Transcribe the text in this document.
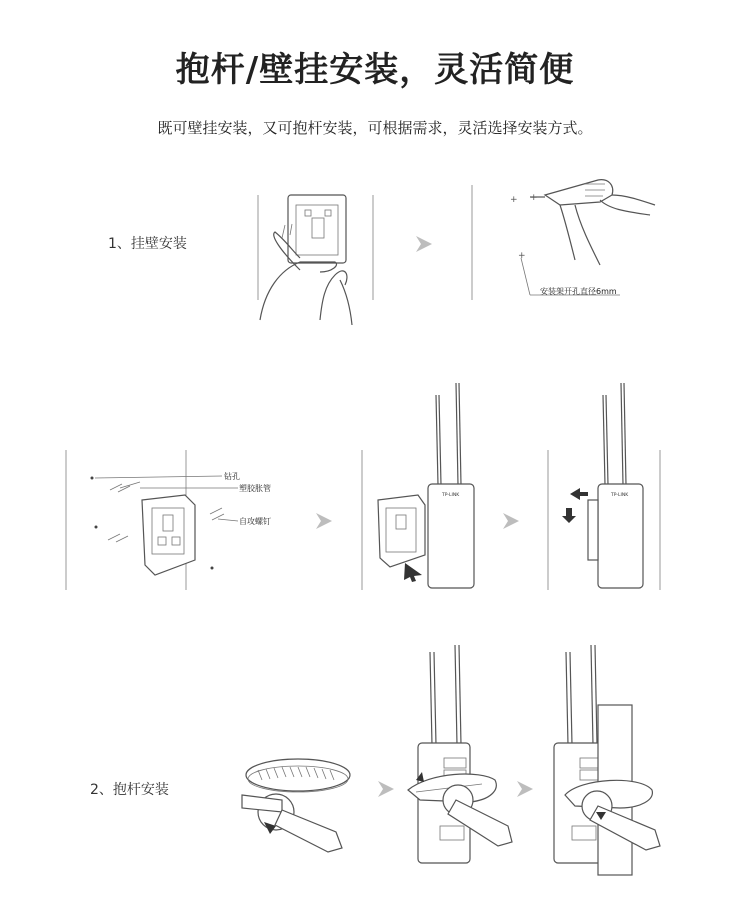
抱杆/壁挂安装，灵活简便
既可壁挂安装，又可抱杆安装，可根据需求，灵活选择安装方式。
1、挂壁安装
2、抱杆安装
+ +
+
TP-LINK	TP-LINK
安装架开孔直径6mm
钻孔
塑胶胀管
自攻螺钉
